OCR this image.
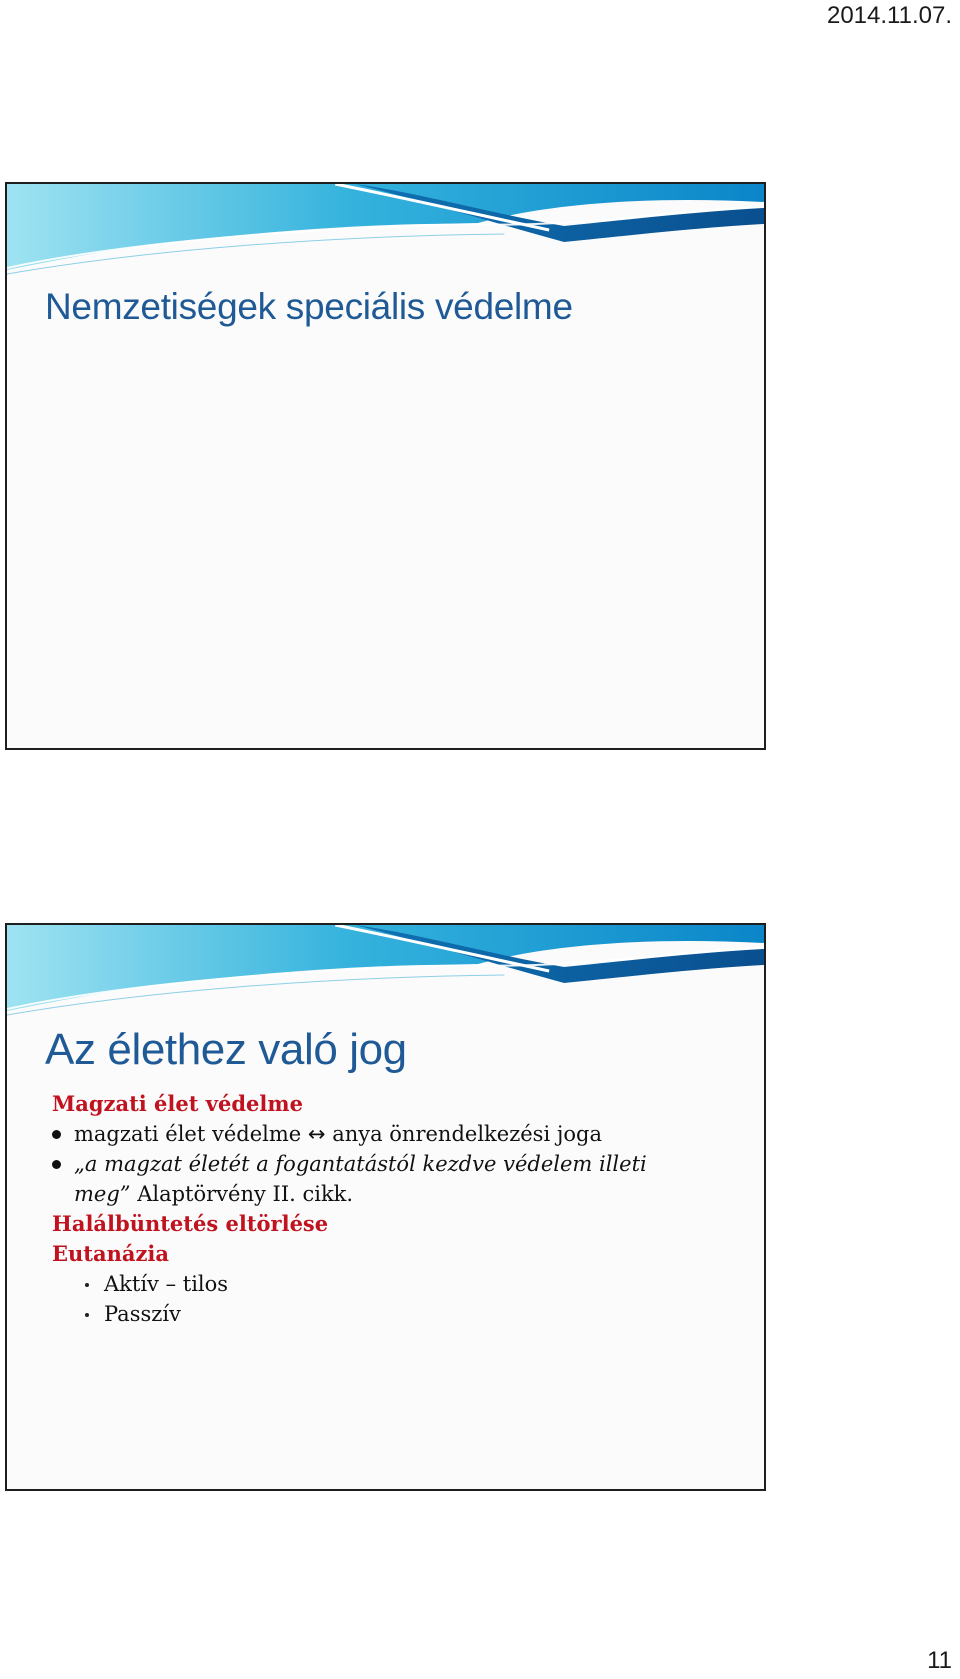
2014.11.07.
Nemzetiségek speciális védelme
Az élethez való jog
Magzati élet védelme
magzati élet védelme ↔ anya önrendelkezési joga
„a magzat életét a fogantatástól kezdve védelem illeti
meg” Alaptörvény II. cikk.
Halálbüntetés eltörlése
Eutanázia
Aktív – tilos
Passzív
11
